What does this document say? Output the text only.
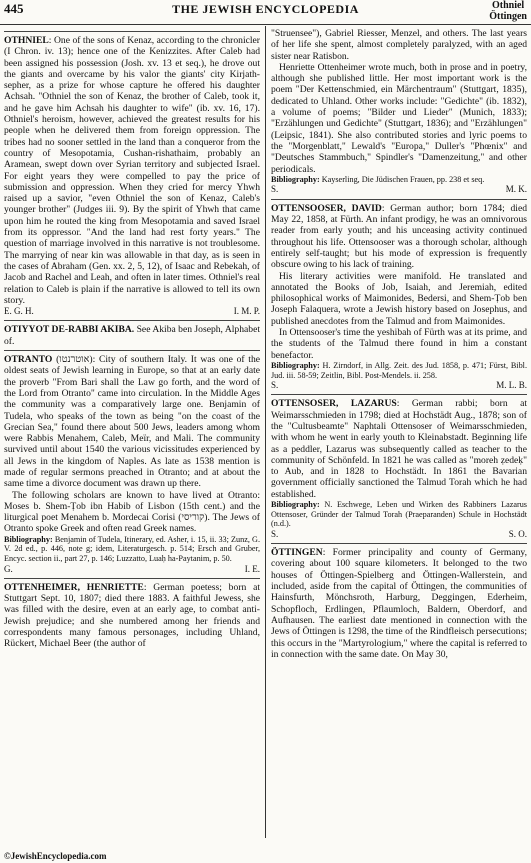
445	THE JEWISH ENCYCLOPEDIA	Othniel
Öttingen

OTHNIEL: One of the sons of Kenaz, according to the chronicler (I Chron. iv. 13); hence one of the Kenizzites. After Caleb had been assigned his possession (Josh. xv. 13 et seq.), he drove out the giants and overcame by his valor the giants' city Kirjath-sepher, as a prize for whose capture he offered his daughter Achsah. "Othniel the son of Kenaz, the brother of Caleb, took it, and he gave him Achsah his daughter to wife" (ib. xv. 16, 17). Othniel's heroism, however, achieved the greatest results for his people when he delivered them from foreign oppression. The tribes had no sooner settled in the land than a conqueror from the country of Mesopotamia, Cushan-rishathaim, probably an Aramean, swept down over Syrian territory and subjected Israel. For eight years they were compelled to pay the price of submission and oppression. When they cried for mercy Yhwh raised up a savior, "even Othniel the son of Kenaz, Caleb's younger brother" (Judges iii. 9). By the spirit of Yhwh that came upon him he routed the king from Mesopotamia and saved Israel from its oppressor. "And the land had rest forty years." The question of marriage involved in this narrative is not troublesome. The marrying of near kin was allowable in that day, as is seen in the cases of Abraham (Gen. xx. 2, 5, 12), of Isaac and Rebekah, of Jacob and Rachel and Leah, and often in later times. Othniel's real relation to Caleb is plain if the narrative is allowed to tell its own story.

E. G. H.	I. M. P.

OTIYYOT DE-RABBI AKIBA. See Akiba ben Joseph, Alphabet of.

OTRANTO (אוטרנטו): City of southern Italy. It was one of the oldest seats of Jewish learning in Europe, so that at an early date the proverb "From Bari shall the Law go forth, and the word of the Lord from Otranto" came into circulation. In the Middle Ages the community was a comparatively large one. Benjamin of Tudela, who speaks of the town as being "on the coast of the Grecian Sea," found there about 500 Jews, leaders among whom were Rabbis Menahem, Caleb, Meïr, and Mali. The community survived until about 1540 the various vicissitudes experienced by all Jews in the kingdom of Naples. As late as 1538 mention is made of regular sermons preached in Otranto; and at about the same time a divorce document was drawn up there.

The following scholars are known to have lived at Otranto: Moses b. Shem-Ṭob ibn Habib of Lisbon (15th cent.) and the liturgical poet Menahem b. Mordecai Corisi (קוריסי). The Jews of Otranto spoke Greek and often read Greek names.

Bibliography: Benjamin of Tudela, Itinerary, ed. Asher, i. 15, ii. 33; Zunz, G. V. 2d ed., p. 446, note g; idem, Literaturgesch. p. 514; Ersch and Gruber, Encyc. section ii., part 27, p. 146; Luzzatto, Luaḥ ha-Paytanim, p. 50.

G.	I. E.

OTTENHEIMER, HENRIETTE: German poetess; born at Stuttgart Sept. 10, 1807; died there 1883. A faithful Jewess, she was filled with the desire, even at an early age, to combat anti-Jewish prejudice; and she numbered among her friends and correspondents many famous personages, including Uhland, Rückert, Michael Beer (the author of

"Struensee"), Gabriel Riesser, Menzel, and others. The last years of her life she spent, almost completely paralyzed, with an aged sister near Ratisbon.

Henriette Ottenheimer wrote much, both in prose and in poetry, although she published little. Her most important work is the poem "Der Kettenschmied, ein Märchentraum" (Stuttgart, 1835), dedicated to Uhland. Other works include: "Gedichte" (ib. 1832), a volume of poems; "Bilder und Lieder" (Munich, 1833); "Erzählungen und Gedichte" (Stuttgart, 1836); and "Erzählungen" (Leipsic, 1841). She also contributed stories and lyric poems to the "Morgenblatt," Lewald's "Europa," Duller's "Phœnix" and "Deutsches Stammbuch," Spindler's "Damenzeitung," and other periodicals.

Bibliography: Kayserling, Die Jüdischen Frauen, pp. 238 et seq.

S.	M. K.

OTTENSOOSER, DAVID: German author; born 1784; died May 22, 1858, at Fürth. An infant prodigy, he was an omnivorous reader from early youth; and his unceasing activity continued throughout his life. Ottensooser was a thorough scholar, although entirely self-taught; but his mode of expression is frequently obscure owing to his lack of training.

His literary activities were manifold. He translated and annotated the Books of Job, Isaiah, and Jeremiah, edited philosophical works of Maimonides, Bedersi, and Shem-Ṭob ben Joseph Falaquera, wrote a Jewish history based on Josephus, and published anecdotes from the Talmud and from Maimonides.

In Ottensooser's time the yeshibah of Fürth was at its prime, and the students of the Talmud there found in him a constant benefactor.

Bibliography: H. Zirndorf, in Allg. Zeit. des Jud. 1858, p. 471; Fürst, Bibl. Jud. iii. 58-59; Zeitlin, Bibl. Post-Mendels. ii. 258.

S.	M. L. B.

OTTENSOSER, LAZARUS: German rabbi; born at Weimarsschmieden in 1798; died at Hochstädt Aug., 1878; son of the "Cultusbeamte" Naphtali Ottensoser of Weimarsschmieden, with whom he went in early youth to Kleinabstadt. Beginning life as a peddler, Lazarus was subsequently called as teacher to the community of Schönfeld. In 1821 he was called as "moreh ẓedeḳ" to Aub, and in 1828 to Hochstädt. In 1861 the Bavarian government officially sanctioned the Talmud Torah which he had established.

Bibliography: N. Eschwege, Leben und Wirken des Rabbiners Lazarus Ottensoser, Gründer der Talmud Torah (Praeparanden) Schule in Hochstädt (n.d.).

S.	S. O.

ÖTTINGEN: Former principality and county of Germany, covering about 100 square kilometers. It belonged to the two houses of Öttingen-Spielberg and Öttingen-Wallerstein, and included, aside from the capital of Öttingen, the communities of Hainsfurth, Mönchsroth, Harburg, Deggingen, Ederheim, Schopfloch, Erdlingen, Pflaumloch, Baldern, Oberdorf, and Aufhausen. The earliest date mentioned in connection with the Jews of Öttingen is 1298, the time of the Rindfleisch persecutions; this occurs in the "Martyrologium," where the capital is referred to in connection with the same date. On May 30,

©JewishEncyclopedia.com
